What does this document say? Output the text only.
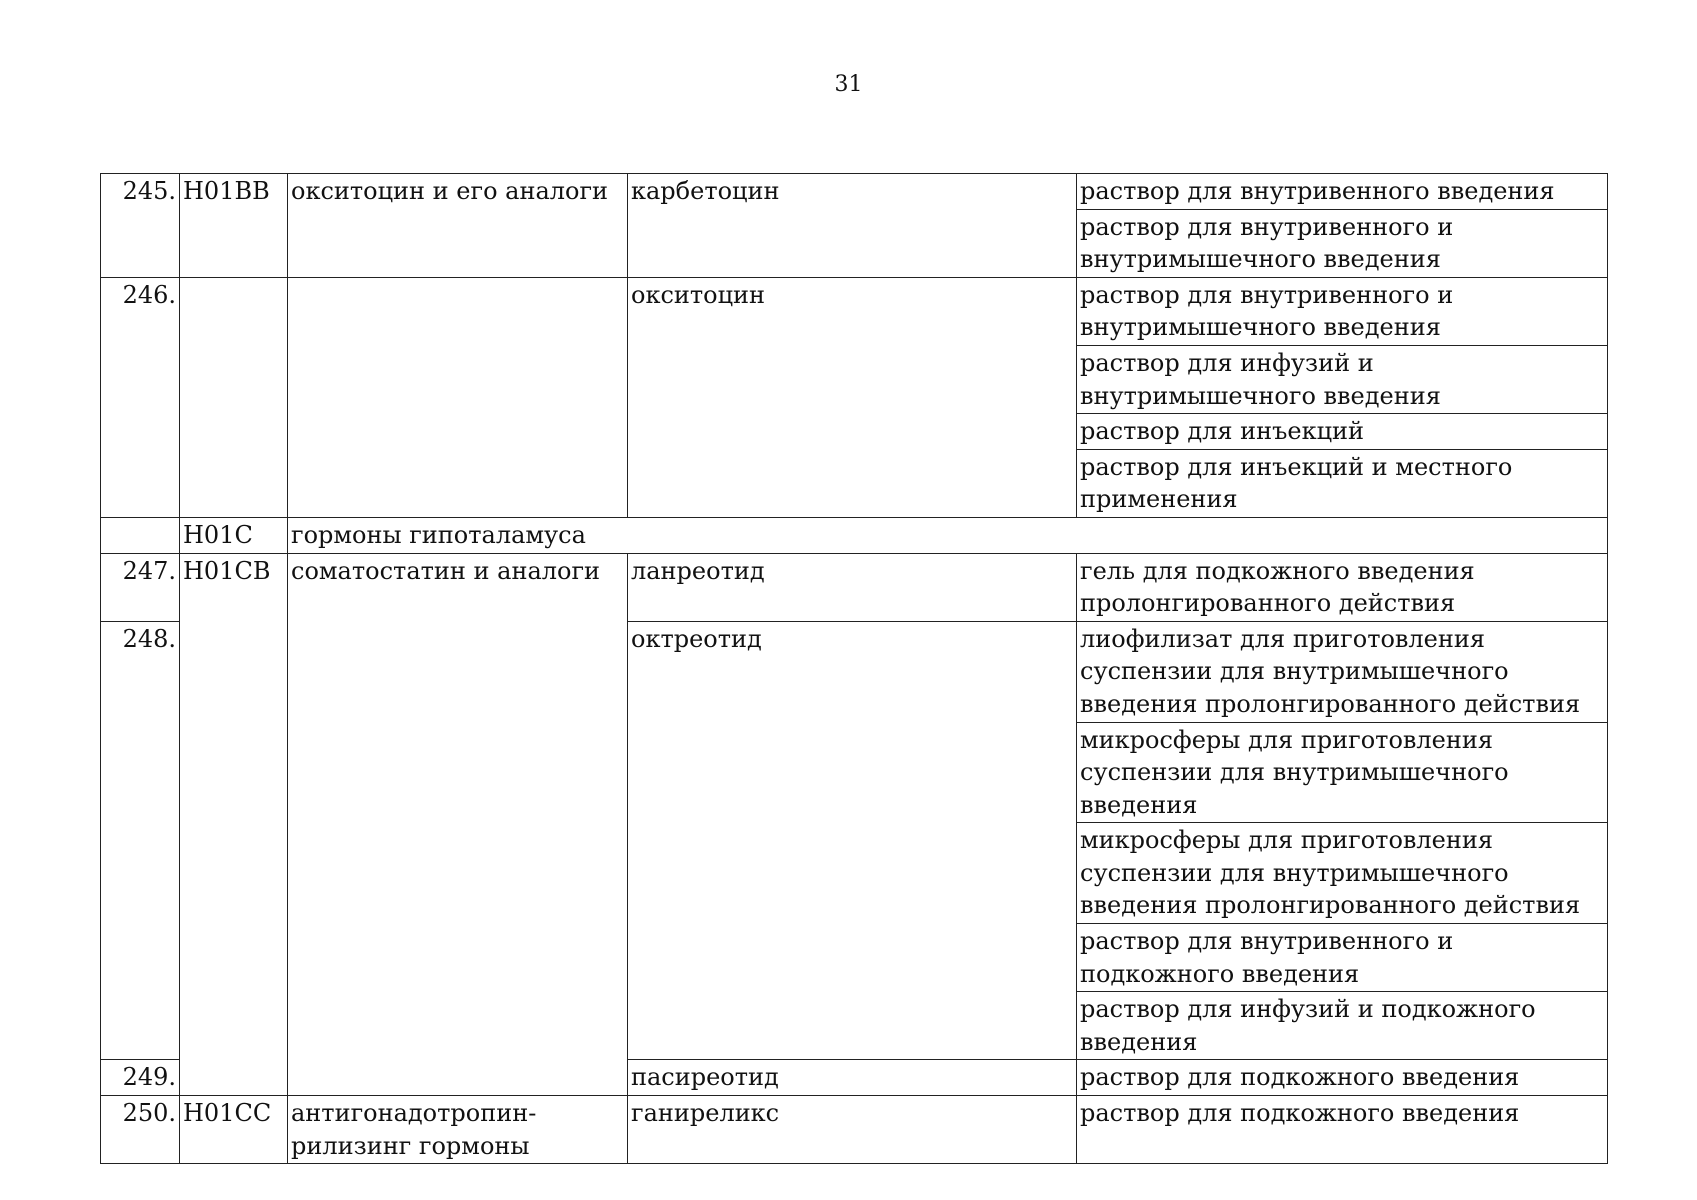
31
245.	H01BB	окситоцин и его аналоги	карбетоцин	раствор для внутривенного введения
				раствор для внутривенного и внутримышечного введения
246.			окситоцин	раствор для внутривенного и внутримышечного введения
				раствор для инфузий и внутримышечного введения
				раствор для инъекций
				раствор для инъекций и местного применения
	H01C	гормоны гипоталамуса		
247.	H01CB	соматостатин и аналоги	ланреотид	гель для подкожного введения пролонгированного действия
248.			октреотид	лиофилизат для приготовления суспензии для внутримышечного введения пролонгированного действия
				микросферы для приготовления суспензии для внутримышечного введения
				микросферы для приготовления суспензии для внутримышечного введения пролонгированного действия
				раствор для внутривенного и подкожного введения
				раствор для инфузий и подкожного введения
249.			пасиреотид	раствор для подкожного введения
250.	H01CC	антигонадотропин-рилизинг гормоны	ганиреликс	раствор для подкожного введения
